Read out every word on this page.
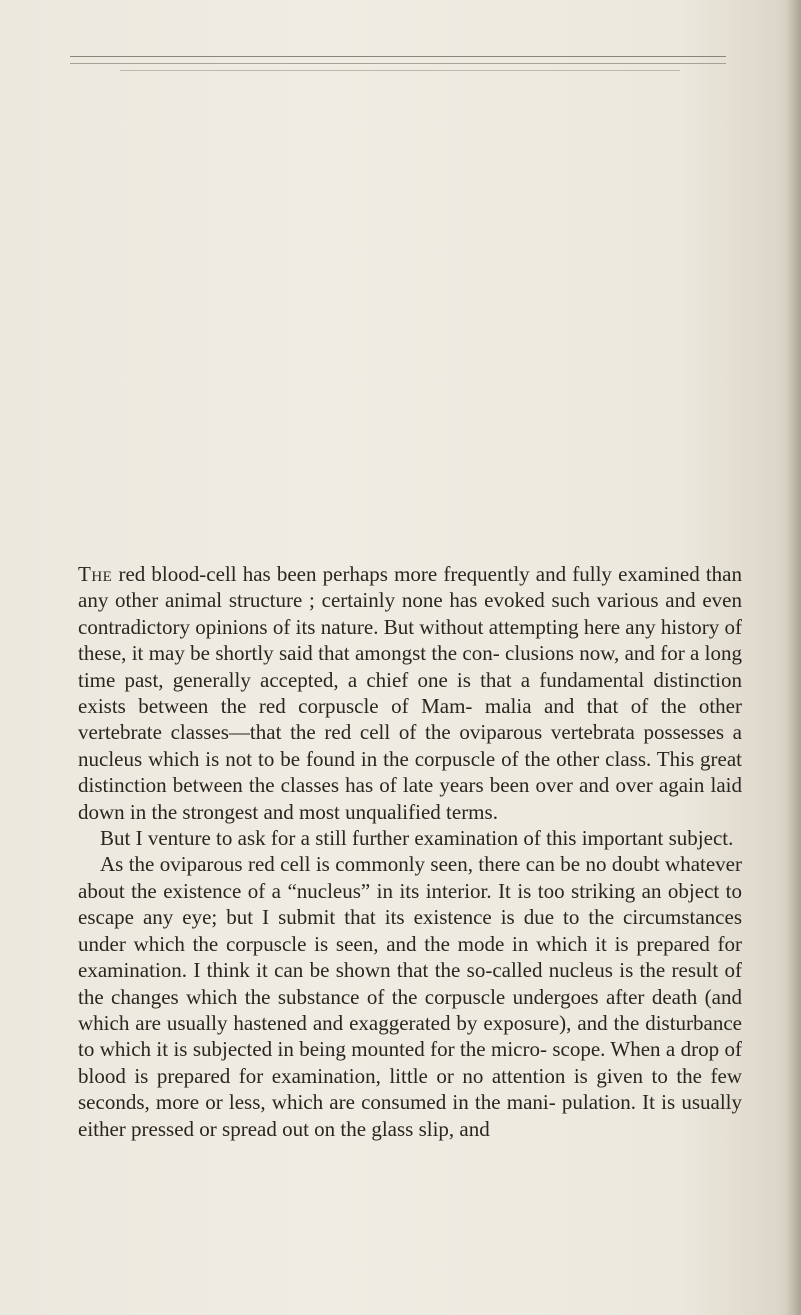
The red blood-cell has been perhaps more frequently and fully examined than any other animal structure ; certainly none has evoked such various and even contradictory opinions of its nature. But without attempting here any history of these, it may be shortly said that amongst the con- clusions now, and for a long time past, generally accepted, a chief one is that a fundamental distinction exists between the red corpuscle of Mam- malia and that of the other vertebrate classes—that the red cell of the oviparous vertebrata possesses a nucleus which is not to be found in the corpuscle of the other class. This great distinction between the classes has of late years been over and over again laid down in the strongest and most unqualified terms.

But I venture to ask for a still further examination of this important subject.

As the oviparous red cell is commonly seen, there can be no doubt whatever about the existence of a “nucleus” in its interior. It is too striking an object to escape any eye; but I submit that its existence is due to the circumstances under which the corpuscle is seen, and the mode in which it is prepared for examination. I think it can be shown that the so-called nucleus is the result of the changes which the substance of the corpuscle undergoes after death (and which are usually hastened and exaggerated by exposure), and the disturbance to which it is subjected in being mounted for the micro- scope. When a drop of blood is prepared for examination, little or no attention is given to the few seconds, more or less, which are consumed in the mani- pulation. It is usually either pressed or spread out on the glass slip, and
